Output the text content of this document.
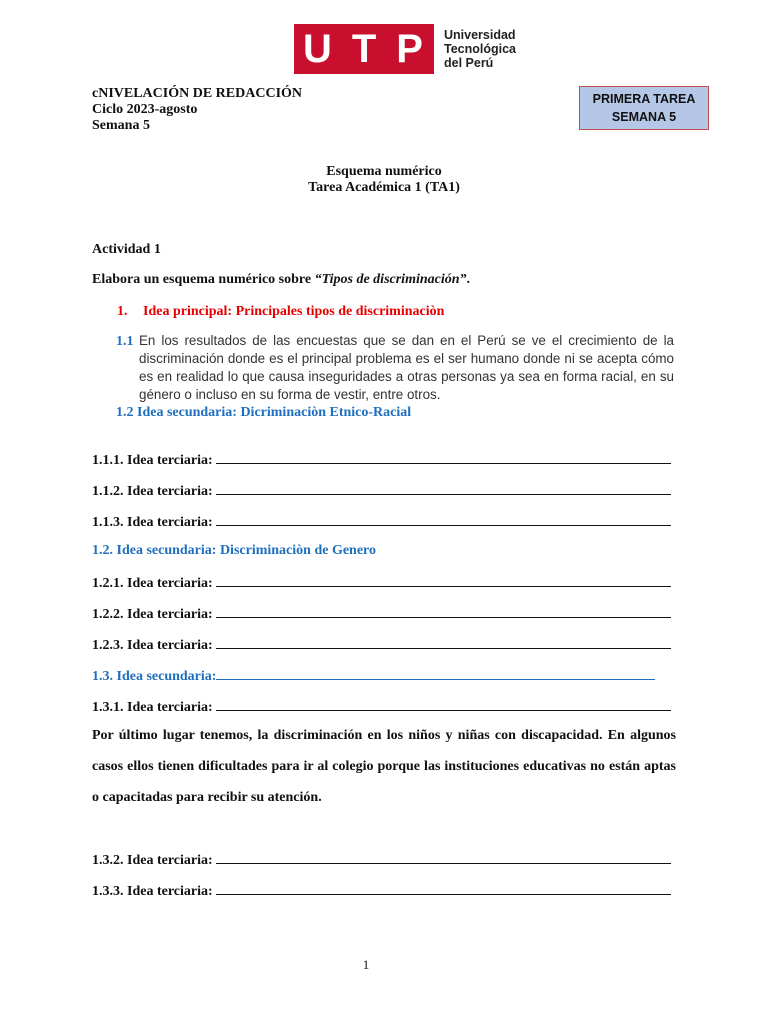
U T P Universidad
Tecnológica
del Perú
cNIVELACIÓN DE REDACCIÓN
Ciclo 2023-agosto
Semana 5
PRIMERA TAREA
SEMANA 5
Esquema numérico
Tarea Académica 1 (TA1)
Actividad 1
Elabora un esquema numérico sobre “Tipos de discriminación”.
1. Idea principal: Principales tipos de discriminaciòn
1.1 En los resultados de las encuestas que se dan en el Perú se ve el crecimiento de la discriminación donde es el principal problema es el ser humano donde ni se acepta cómo es en realidad lo que causa inseguridades a otras personas ya sea en forma racial, en su género o incluso en su forma de vestir, entre otros.
1.2 Idea secundaria: Dicriminaciòn Etnico-Racial
1.1.1. Idea terciaria:
1.1.2. Idea terciaria:
1.1.3. Idea terciaria:
1.2. Idea secundaria: Discriminaciòn de Genero
1.2.1. Idea terciaria:
1.2.2. Idea terciaria:
1.2.3. Idea terciaria:
1.3. Idea secundaria:
1.3.1. Idea terciaria:
Por último lugar tenemos, la discriminación en los niños y niñas con discapacidad. En algunos casos ellos tienen dificultades para ir al colegio porque las instituciones educativas no están aptas o capacitadas para recibir su atención.
1.3.2. Idea terciaria:
1.3.3. Idea terciaria:
1
